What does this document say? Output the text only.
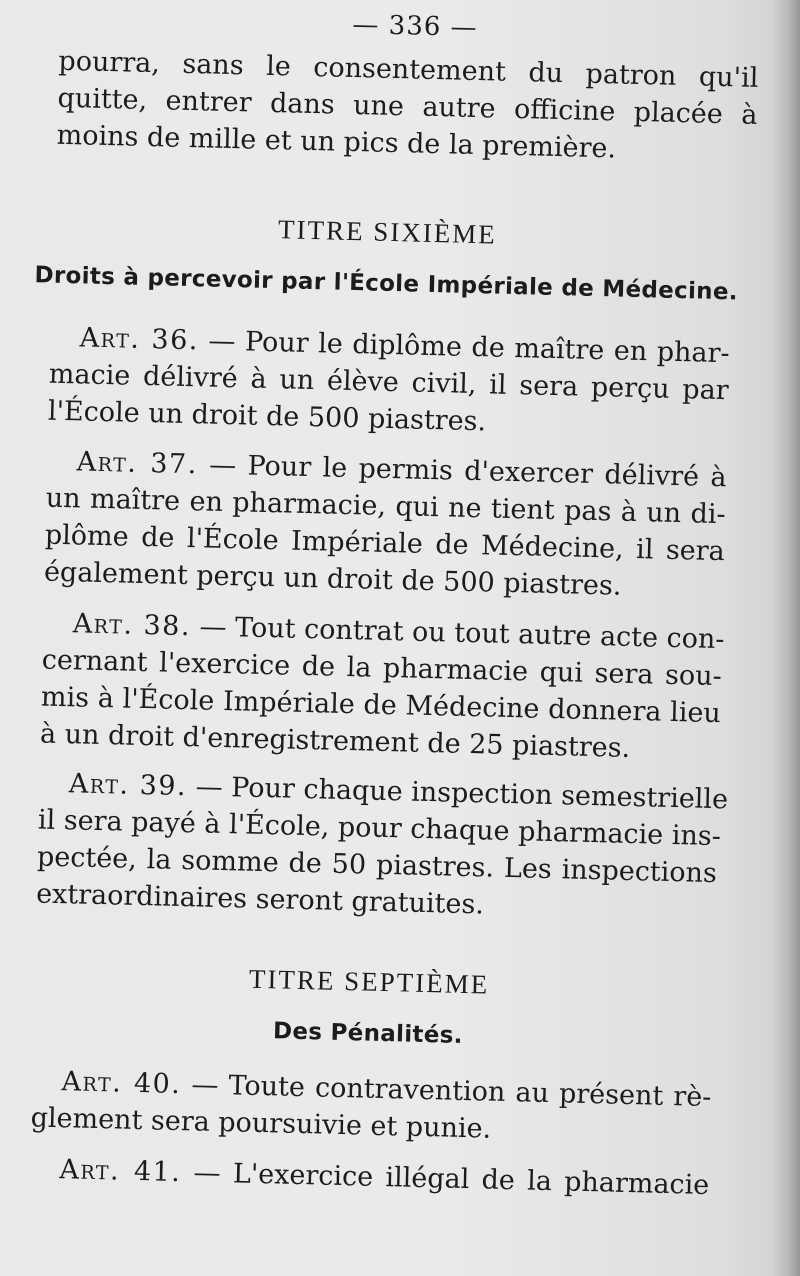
— 336 —
pourra, sans le consentement du patron qu'il
quitte, entrer dans une autre officine placée à
moins de mille et un pics de la première.
TITRE SIXIÈME
Droits à percevoir par l'École Impériale de Médecine.
Art. 36. — Pour le diplôme de maître en phar-
macie délivré à un élève civil, il sera perçu par
l'École un droit de 500 piastres.
Art. 37. — Pour le permis d'exercer délivré à
un maître en pharmacie, qui ne tient pas à un di-
plôme de l'École Impériale de Médecine, il sera
également perçu un droit de 500 piastres.
Art. 38. — Tout contrat ou tout autre acte con-
cernant l'exercice de la pharmacie qui sera sou-
mis à l'École Impériale de Médecine donnera lieu
à un droit d'enregistrement de 25 piastres.
Art. 39. — Pour chaque inspection semestrielle
il sera payé à l'École, pour chaque pharmacie ins-
pectée, la somme de 50 piastres. Les inspections
extraordinaires seront gratuites.
TITRE SEPTIÈME
Des Pénalités.
Art. 40. — Toute contravention au présent rè-
glement sera poursuivie et punie.
Art. 41. — L'exercice illégal de la pharmacie
